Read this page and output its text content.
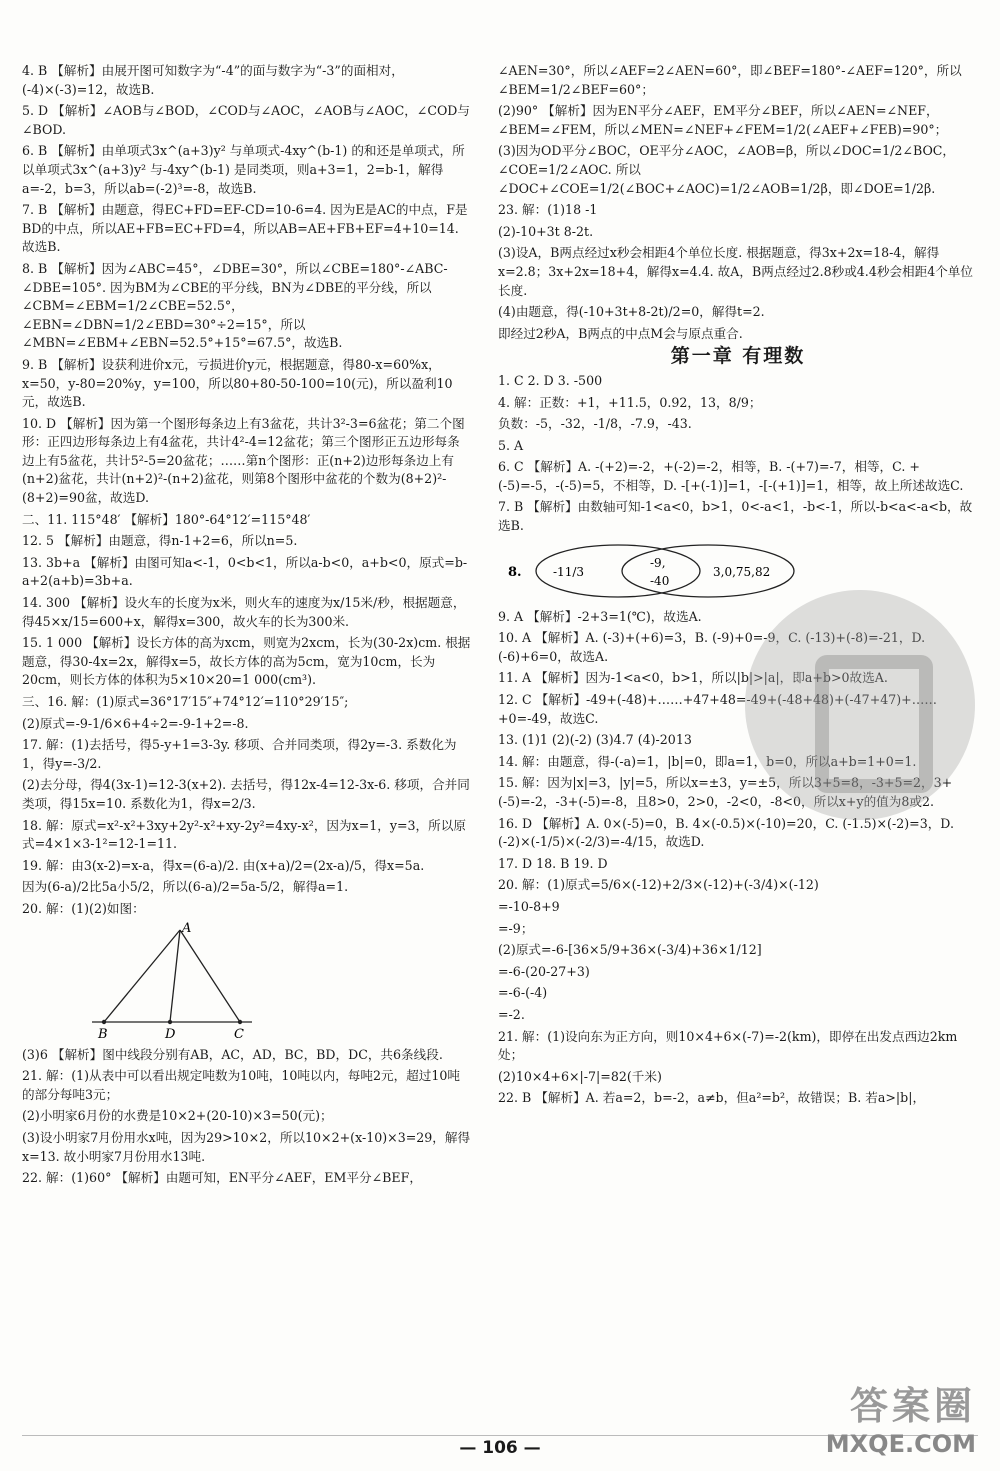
4. B 【解析】由展开图可知数字为“-4”的面与数字为“-3”的面相对，(-4)×(-3)=12，故选B.
5. D 【解析】∠AOB与∠BOD，∠COD与∠AOC，∠AOB与∠AOC，∠COD与∠BOD.
6. B 【解析】由单项式3x^(a+3)y² 与单项式-4xy^(b-1) 的和还是单项式，所以单项式3x^(a+3)y² 与-4xy^(b-1) 是同类项，则a+3=1，2=b-1，解得a=-2，b=3，所以ab=(-2)³=-8，故选B.
7. B 【解析】由题意，得EC+FD=EF-CD=10-6=4. 因为E是AC的中点，F是BD的中点，所以AE+FB=EC+FD=4，所以AB=AE+FB+EF=4+10=14. 故选B.
8. B 【解析】因为∠ABC=45°，∠DBE=30°，所以∠CBE=180°-∠ABC-∠DBE=105°. 因为BM为∠CBE的平分线，BN为∠DBE的平分线，所以∠CBM=∠EBM=1/2∠CBE=52.5°，∠EBN=∠DBN=1/2∠EBD=30°÷2=15°，所以∠MBN=∠EBM+∠EBN=52.5°+15°=67.5°，故选B.
9. B 【解析】设获利进价x元，亏损进价y元，根据题意，得80-x=60%x，x=50，y-80=20%y，y=100，所以80+80-50-100=10(元)，所以盈利10元，故选B.
10. D 【解析】因为第一个图形每条边上有3盆花，共计3²-3=6盆花；第二个图形：正四边形每条边上有4盆花，共计4²-4=12盆花；第三个图形正五边形每条边上有5盆花，共计5²-5=20盆花；……第n个图形：正(n+2)边形每条边上有(n+2)盆花，共计(n+2)²-(n+2)盆花，则第8个图形中盆花的个数为(8+2)²-(8+2)=90盆，故选D.
二、11. 115°48′ 【解析】180°-64°12′=115°48′
12. 5 【解析】由题意，得n-1+2=6，所以n=5.
13. 3b+a 【解析】由图可知a<-1，0<b<1，所以a-b<0，a+b<0，原式=b-a+2(a+b)=3b+a.
14. 300 【解析】设火车的长度为x米，则火车的速度为x/15米/秒，根据题意，得45×x/15=600+x，解得x=300，故火车的长为300米.
15. 1 000 【解析】设长方体的高为xcm，则宽为2xcm，长为(30-2x)cm. 根据题意，得30-4x=2x，解得x=5，故长方体的高为5cm，宽为10cm，长为20cm，则长方体的体积为5×10×20=1 000(cm³).
三、16. 解：(1)原式=36°17′15″+74°12′=110°29′15″;
(2)原式=-9-1/6×6+4÷2=-9-1+2=-8.
17. 解：(1)去括号，得5-y+1=3-3y. 移项、合并同类项，得2y=-3. 系数化为1，得y=-3/2.
(2)去分母，得4(3x-1)=12-3(x+2). 去括号，得12x-4=12-3x-6. 移项，合并同类项，得15x=10. 系数化为1，得x=2/3.
18. 解：原式=x²-x²+3xy+2y²-x²+xy-2y²=4xy-x²，因为x=1，y=3，所以原式=4×1×3-1²=12-1=11.
19. 解：由3(x-2)=x-a，得x=(6-a)/2. 由(x+a)/2=(2x-a)/5，得x=5a.
因为(6-a)/2比5a小5/2，所以(6-a)/2=5a-5/2，解得a=1.
20. 解：(1)(2)如图：
A
B	D	C
(3)6 【解析】图中线段分别有AB，AC，AD，BC，BD，DC，共6条线段.
21. 解：(1)从表中可以看出规定吨数为10吨，10吨以内，每吨2元，超过10吨的部分每吨3元；
(2)小明家6月份的水费是10×2+(20-10)×3=50(元)；
(3)设小明家7月份用水x吨，因为29>10×2，所以10×2+(x-10)×3=29，解得x=13. 故小明家7月份用水13吨.
22. 解：(1)60° 【解析】由题可知，EN平分∠AEF，EM平分∠BEF，
∠AEN=30°，所以∠AEF=2∠AEN=60°，即∠BEF=180°-∠AEF=120°，所以∠BEM=1/2∠BEF=60°；
(2)90° 【解析】因为EN平分∠AEF，EM平分∠BEF，所以∠AEN=∠NEF，∠BEM=∠FEM，所以∠MEN=∠NEF+∠FEM=1/2(∠AEF+∠FEB)=90°；
(3)因为OD平分∠BOC，OE平分∠AOC，∠AOB=β，所以∠DOC=1/2∠BOC，∠COE=1/2∠AOC. 所以∠DOC+∠COE=1/2(∠BOC+∠AOC)=1/2∠AOB=1/2β，即∠DOE=1/2β.
23. 解：(1)18 -1
(2)-10+3t 8-2t.
(3)设A，B两点经过x秒会相距4个单位长度. 根据题意，得3x+2x=18-4，解得x=2.8；3x+2x=18+4，解得x=4.4. 故A，B两点经过2.8秒或4.4秒会相距4个单位长度.
(4)由题意，得(-10+3t+8-2t)/2=0，解得t=2.
即经过2秒A，B两点的中点M会与原点重合.
第一章 有理数
1. C 2. D 3. -500
4. 解：正数：+1，+11.5，0.92，13，8/9；
负数：-5，-32，-1/8，-7.9，-43.
5. A
6. C 【解析】A. -(+2)=-2，+(-2)=-2，相等，B. -(+7)=-7，相等，C. +(-5)=-5，-(-5)=5，不相等，D. -[+(-1)]=1，-[-(+1)]=1，相等，故上所述故选C.
7. B 【解析】由数轴可知-1<a<0，b>1，0<-a<1，-b<-1，所以-b<a<-a<b，故选B.
8.	-11/3
-9,
-40
3,0,75,82
9. A 【解析】-2+3=1(℃)，故选A.
10. A 【解析】A. (-3)+(+6)=3，B. (-9)+0=-9，C. (-13)+(-8)=-21，D. (-6)+6=0，故选A.
11. A 【解析】因为-1<a<0，b>1，所以|b|>|a|，即a+b>0故选A.
12. C 【解析】-49+(-48)+……+47+48=-49+(-48+48)+(-47+47)+……+0=-49，故选C.
13. (1)1 (2)(-2) (3)4.7 (4)-2013
14. 解：由题意，得-(-a)=1，|b|=0，即a=1，b=0，所以a+b=1+0=1.
15. 解：因为|x|=3，|y|=5，所以x=±3，y=±5，所以3+5=8，-3+5=2，3+(-5)=-2，-3+(-5)=-8，且8>0，2>0，-2<0，-8<0，所以x+y的值为8或2.
16. D 【解析】A. 0×(-5)=0，B. 4×(-0.5)×(-10)=20，C. (-1.5)×(-2)=3，D. (-2)×(-1/5)×(-2/3)=-4/15，故选D.
17. D 18. B 19. D
20. 解：(1)原式=5/6×(-12)+2/3×(-12)+(-3/4)×(-12)
=-10-8+9
=-9；
(2)原式=-6-[36×5/9+36×(-3/4)+36×1/12]
=-6-(20-27+3)
=-6-(-4)
=-2.
21. 解：(1)设向东为正方向，则10×4+6×(-7)=-2(km)，即停在出发点西边2km处；
(2)10×4+6×|-7|=82(千米)
22. B 【解析】A. 若a=2，b=-2，a≠b，但a²=b²，故错误；B. 若a>|b|，
— 106 —
答案圈
MXQE.COM
